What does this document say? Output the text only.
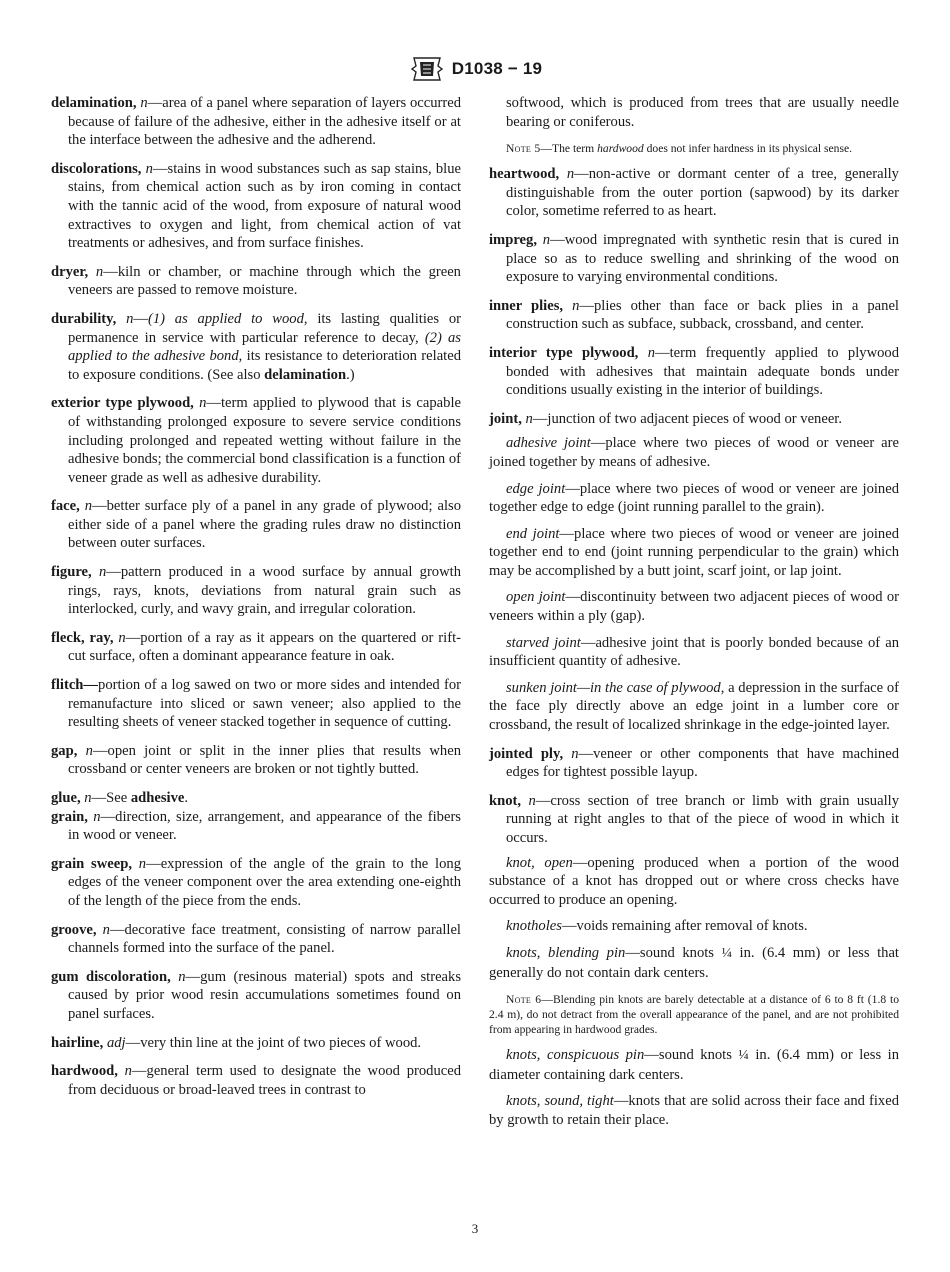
D1038 − 19

delamination, n—area of a panel where separation of layers occurred because of failure of the adhesive, either in the adhesive itself or at the interface between the adhesive and the adherend.

discolorations, n—stains in wood substances such as sap stains, blue stains, from chemical action such as by iron coming in contact with the tannic acid of the wood, from exposure of natural wood extractives to oxygen and light, from chemical action of vat treatments or adhesives, and from surface finishes.

dryer, n—kiln or chamber, or machine through which the green veneers are passed to remove moisture.

durability, n—(1) as applied to wood, its lasting qualities or permanence in service with particular reference to decay, (2) as applied to the adhesive bond, its resistance to deterioration related to exposure conditions. (See also delamination.)

exterior type plywood, n—term applied to plywood that is capable of withstanding prolonged exposure to severe service conditions including prolonged and repeated wetting without failure in the adhesive bonds; the commercial bond classification is a function of veneer grade as well as adhesive durability.

face, n—better surface ply of a panel in any grade of plywood; also either side of a panel where the grading rules draw no distinction between outer surfaces.

figure, n—pattern produced in a wood surface by annual growth rings, rays, knots, deviations from natural grain such as interlocked, curly, and wavy grain, and irregular coloration.

fleck, ray, n—portion of a ray as it appears on the quartered or rift-cut surface, often a dominant appearance feature in oak.

flitch—portion of a log sawed on two or more sides and intended for remanufacture into sliced or sawn veneer; also applied to the resulting sheets of veneer stacked together in sequence of cutting.

gap, n—open joint or split in the inner plies that results when crossband or center veneers are broken or not tightly butted.

glue, n—See adhesive.

grain, n—direction, size, arrangement, and appearance of the fibers in wood or veneer.

grain sweep, n—expression of the angle of the grain to the long edges of the veneer component over the area extending one-eighth of the length of the piece from the ends.

groove, n—decorative face treatment, consisting of narrow parallel channels formed into the surface of the panel.

gum discoloration, n—gum (resinous material) spots and streaks caused by prior wood resin accumulations sometimes found on panel surfaces.

hairline, adj—very thin line at the joint of two pieces of wood.

hardwood, n—general term used to designate the wood produced from deciduous or broad-leaved trees in contrast to

softwood, which is produced from trees that are usually needle bearing or coniferous.

Note 5—The term hardwood does not infer hardness in its physical sense.

heartwood, n—non-active or dormant center of a tree, generally distinguishable from the outer portion (sapwood) by its darker color, sometime referred to as heart.

impreg, n—wood impregnated with synthetic resin that is cured in place so as to reduce swelling and shrinking of the wood on exposure to varying environmental conditions.

inner plies, n—plies other than face or back plies in a panel construction such as subface, subback, crossband, and center.

interior type plywood, n—term frequently applied to plywood bonded with adhesives that maintain adequate bonds under conditions usually existing in the interior of buildings.

joint, n—junction of two adjacent pieces of wood or veneer.

adhesive joint—place where two pieces of wood or veneer are joined together by means of adhesive.

edge joint—place where two pieces of wood or veneer are joined together edge to edge (joint running parallel to the grain).

end joint—place where two pieces of wood or veneer are joined together end to end (joint running perpendicular to the grain) which may be accomplished by a butt joint, scarf joint, or lap joint.

open joint—discontinuity between two adjacent pieces of wood or veneers within a ply (gap).

starved joint—adhesive joint that is poorly bonded because of an insufficient quantity of adhesive.

sunken joint—in the case of plywood, a depression in the surface of the face ply directly above an edge joint in a lumber core or crossband, the result of localized shrinkage in the edge-jointed layer.

jointed ply, n—veneer or other components that have machined edges for tightest possible layup.

knot, n—cross section of tree branch or limb with grain usually running at right angles to that of the piece of wood in which it occurs.

knot, open—opening produced when a portion of the wood substance of a knot has dropped out or where cross checks have occurred to produce an opening.

knotholes—voids remaining after removal of knots.

knots, blending pin—sound knots ¼ in. (6.4 mm) or less that generally do not contain dark centers.

Note 6—Blending pin knots are barely detectable at a distance of 6 to 8 ft (1.8 to 2.4 m), do not detract from the overall appearance of the panel, and are not prohibited from appearing in hardwood grades.

knots, conspicuous pin—sound knots ¼ in. (6.4 mm) or less in diameter containing dark centers.

knots, sound, tight—knots that are solid across their face and fixed by growth to retain their place.

3
